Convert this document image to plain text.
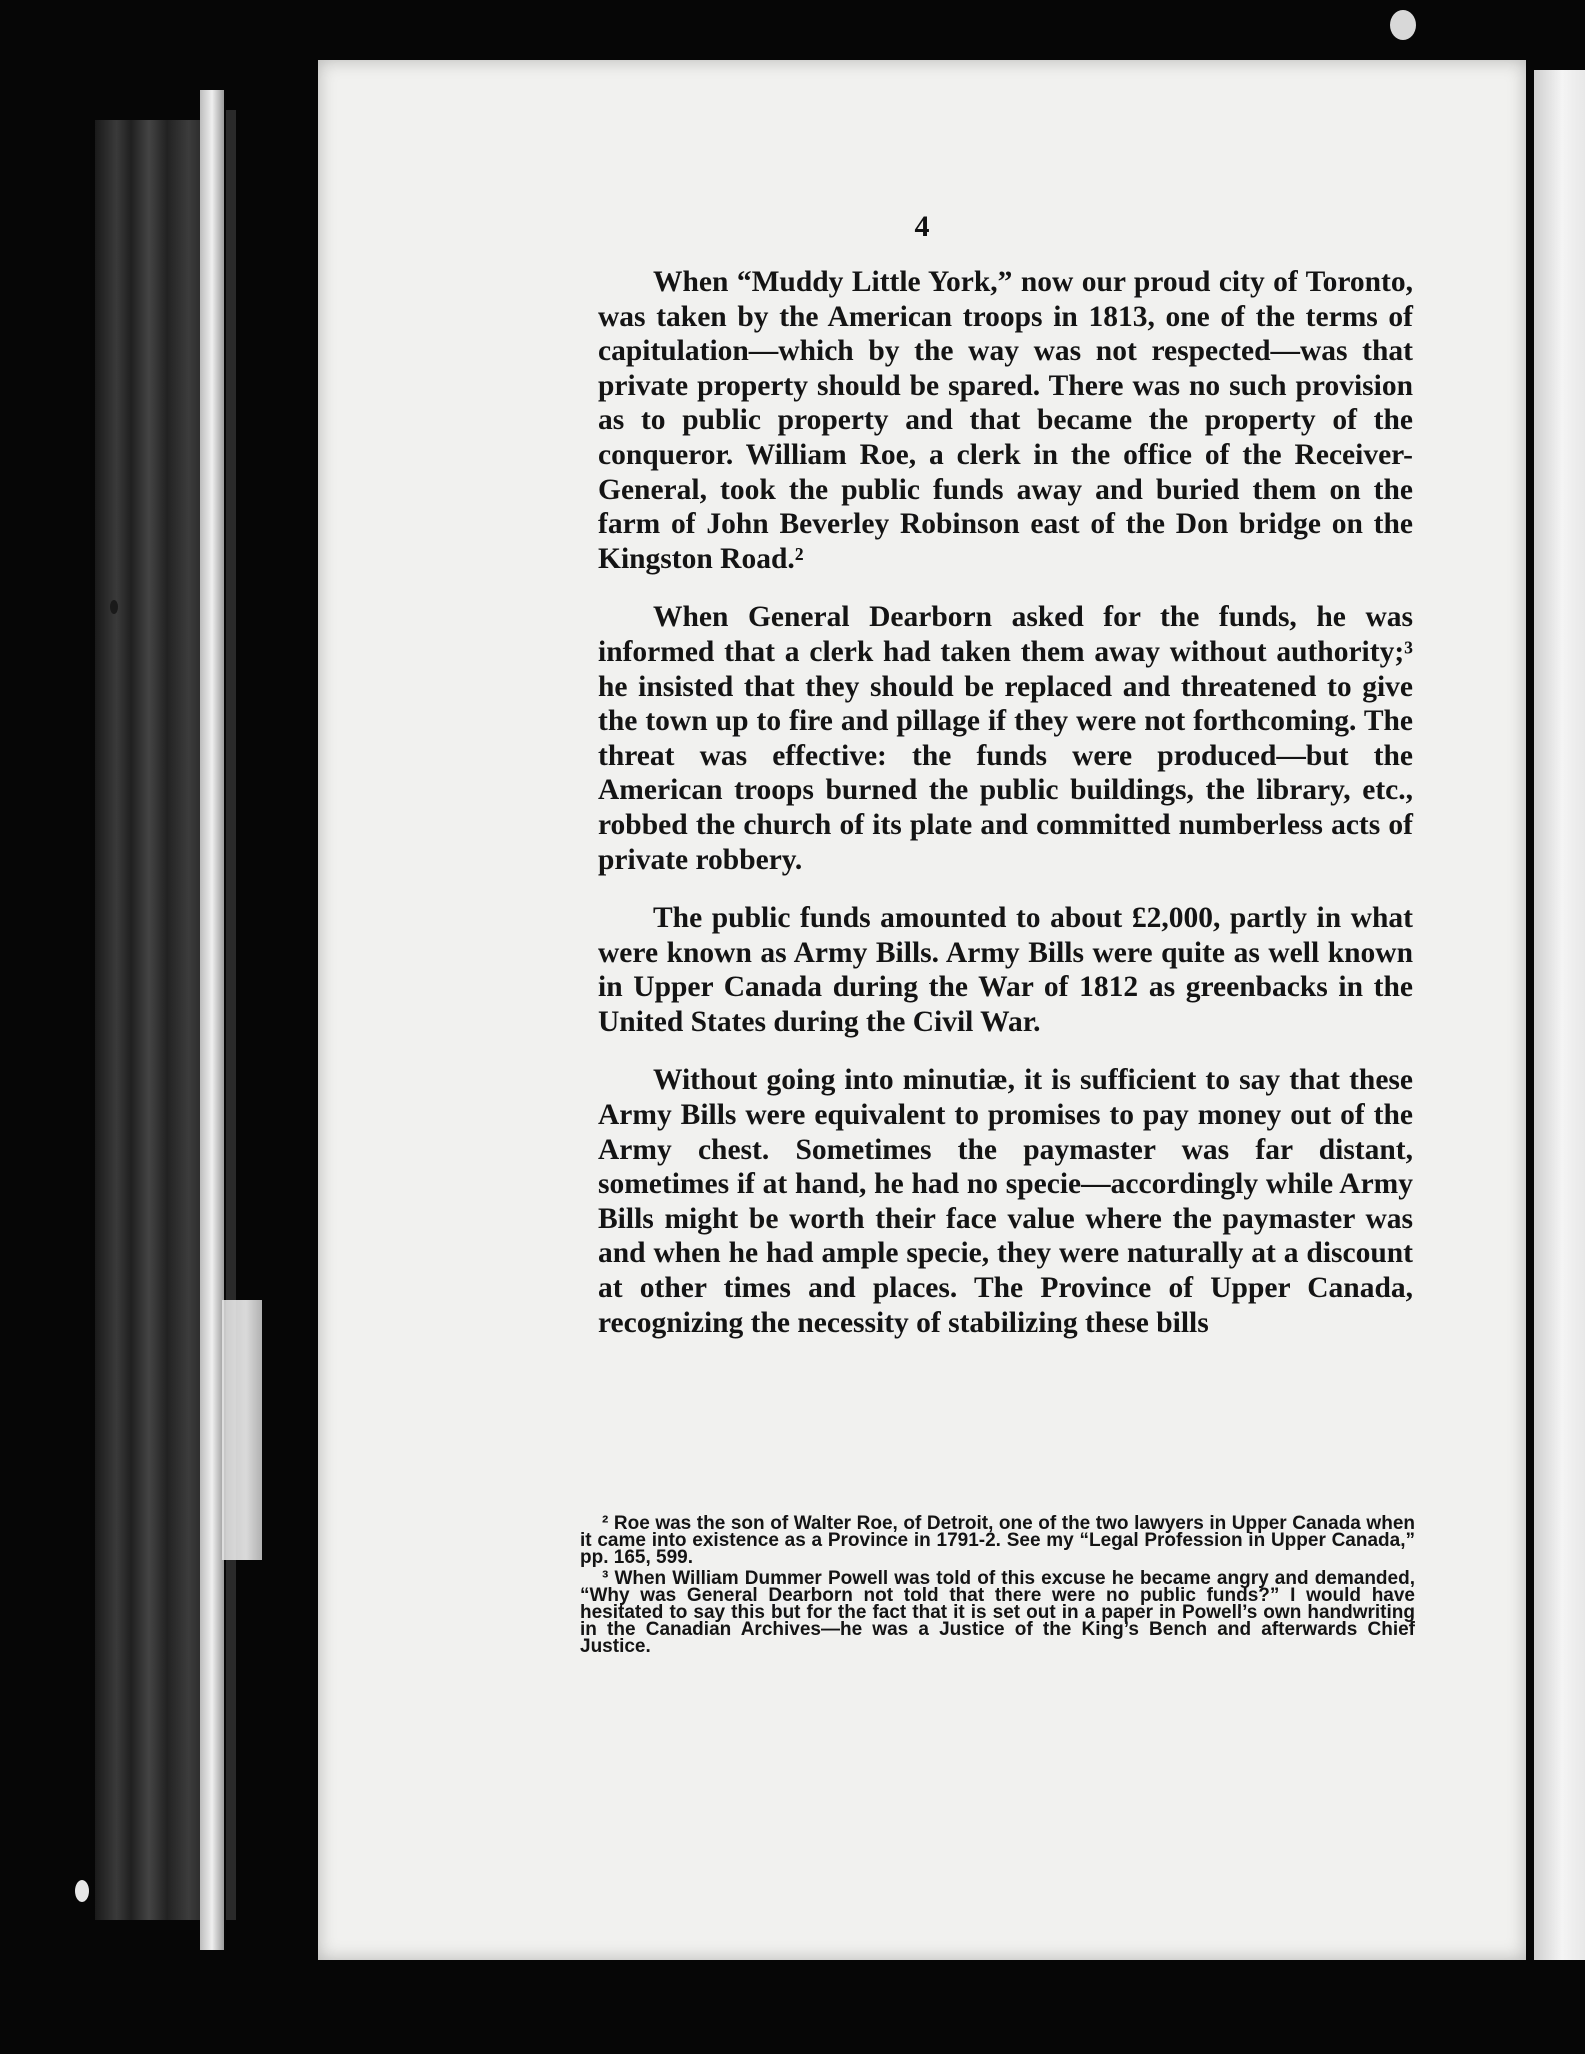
4

When “Muddy Little York,” now our proud city of Toronto, was taken by the American troops in 1813, one of the terms of capitulation—which by the way was not respected—was that private property should be spared. There was no such provision as to public property and that became the property of the conqueror. William Roe, a clerk in the office of the Receiver-General, took the public funds away and buried them on the farm of John Beverley Robinson east of the Don bridge on the Kingston Road.²

When General Dearborn asked for the funds, he was informed that a clerk had taken them away without authority;³ he insisted that they should be replaced and threatened to give the town up to fire and pillage if they were not forthcoming. The threat was effective: the funds were produced—but the American troops burned the public buildings, the library, etc., robbed the church of its plate and committed numberless acts of private robbery.

The public funds amounted to about £2,000, partly in what were known as Army Bills. Army Bills were quite as well known in Upper Canada during the War of 1812 as greenbacks in the United States during the Civil War.

Without going into minutiæ, it is sufficient to say that these Army Bills were equivalent to promises to pay money out of the Army chest. Sometimes the paymaster was far distant, sometimes if at hand, he had no specie—accordingly while Army Bills might be worth their face value where the paymaster was and when he had ample specie, they were naturally at a discount at other times and places. The Province of Upper Canada, recognizing the necessity of stabilizing these bills

² Roe was the son of Walter Roe, of Detroit, one of the two lawyers in Upper Canada when it came into existence as a Province in 1791-2. See my “Legal Profession in Upper Canada,” pp. 165, 599.

³ When William Dummer Powell was told of this excuse he became angry and demanded, “Why was General Dearborn not told that there were no public funds?” I would have hesitated to say this but for the fact that it is set out in a paper in Powell’s own handwriting in the Canadian Archives—he was a Justice of the King’s Bench and afterwards Chief Justice.
